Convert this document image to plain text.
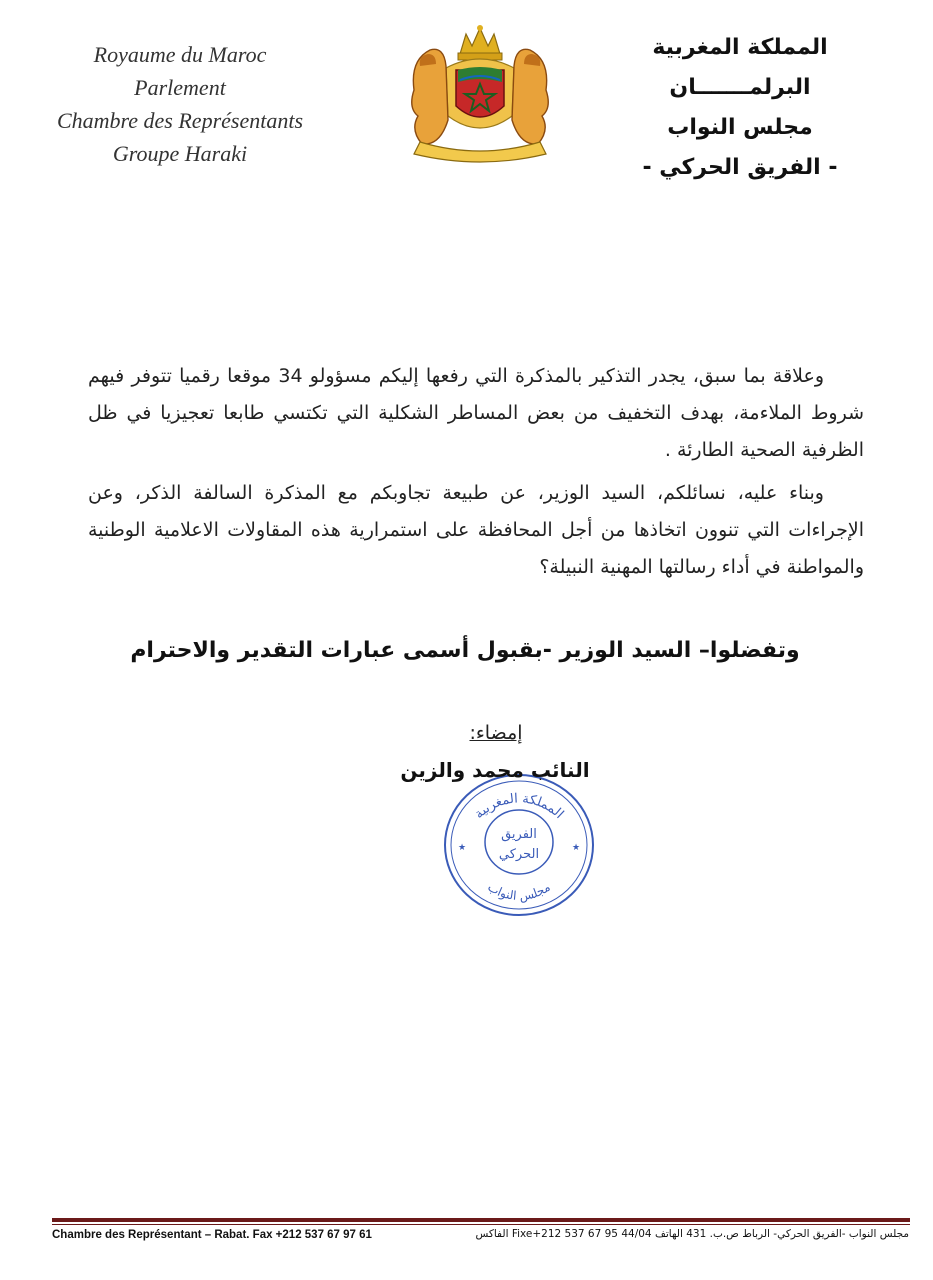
Royaume du Maroc
Parlement
Chambre des Représentants
Groupe Haraki
المملكة المغربية
البرلمـــــــان
مجلس النواب
- الفريق الحركي -

وعلاقة بما سبق، يجدر التذكير بالمذكرة التي رفعها إليكم مسؤولو 34 موقعا رقميا تتوفر فيهم شروط الملاءمة، بهدف التخفيف من بعض المساطر الشكلية التي تكتسي طابعا تعجيزيا في ظل الظرفية الصحية الطارئة .

وبناء عليه، نسائلكم، السيد الوزير، عن طبيعة تجاوبكم مع المذكرة السالفة الذكر، وعن الإجراءات التي تنوون اتخاذها من أجل المحافظة على استمرارية هذه المقاولات الاعلامية الوطنية والمواطنة في أداء رسالتها المهنية النبيلة؟

وتفضلوا– السيد الوزير -بقبول أسمى عبارات التقدير والاحترام
إمضاء:
المملكة المغربية
مجلس النواب
الفريق
الحركي
★	★
النائب محمد والزين
Chambre des Représentant – Rabat. Fax +212 537 67 97 61	مجلس النواب -الفريق الحركي- الرباط ص.ب. 431 الهاتف 44/04 Fixe+212 537 67 95 الفاكس
